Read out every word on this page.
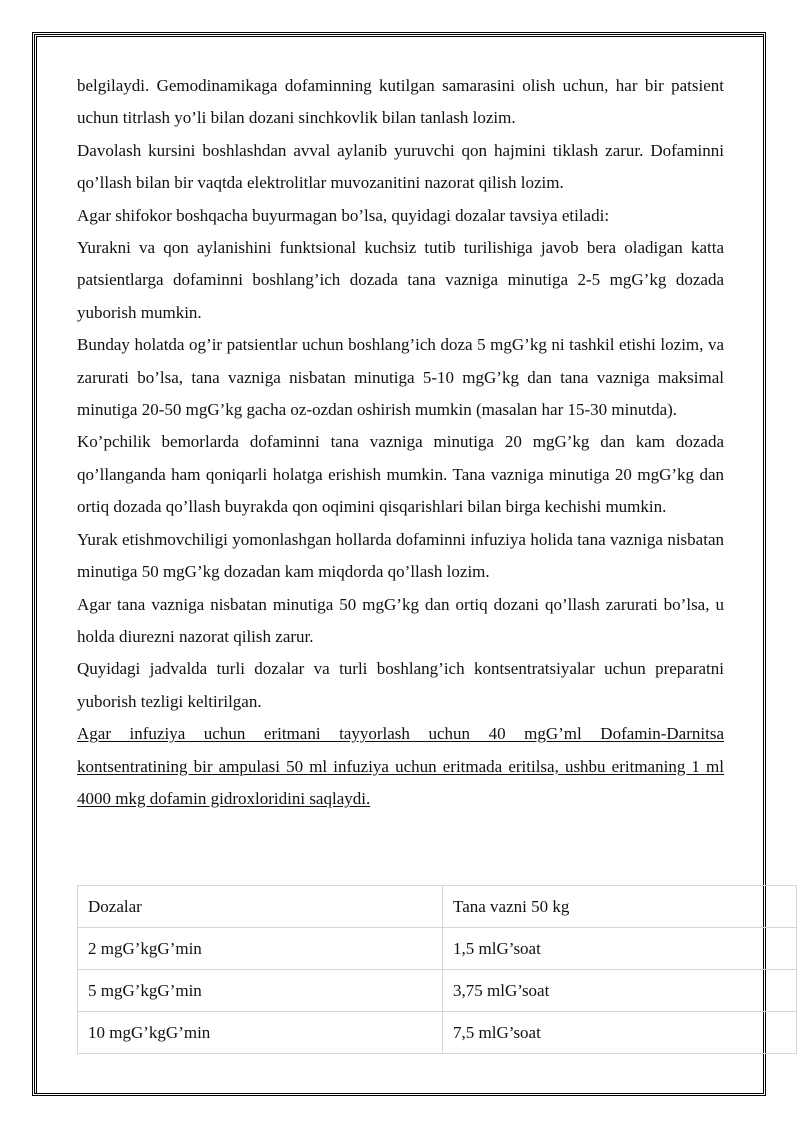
belgilaydi. Gemodinamikaga dofaminning kutilgan samarasini olish uchun, har bir patsient uchun titrlash yo’li bilan dozani sinchkovlik bilan tanlash lozim.

Davolash kursini boshlashdan avval aylanib yuruvchi qon hajmini tiklash zarur. Dofaminni qo’llash bilan bir vaqtda elektrolitlar muvozanitini nazorat qilish lozim.

Agar shifokor boshqacha buyurmagan bo’lsa, quyidagi dozalar tavsiya etiladi:

Yurakni va qon aylanishini funktsional kuchsiz tutib turilishiga javob bera oladigan katta patsientlarga dofaminni boshlang’ich dozada tana vazniga minutiga 2-5 mgG’kg dozada yuborish mumkin.

Bunday holatda og’ir patsientlar uchun boshlang’ich doza 5 mgG’kg ni tashkil etishi lozim, va zarurati bo’lsa, tana vazniga nisbatan minutiga 5-10 mgG’kg dan tana vazniga maksimal minutiga 20-50 mgG’kg gacha oz-ozdan oshirish mumkin (masalan har 15-30 minutda).

Ko’pchilik bemorlarda dofaminni tana vazniga minutiga 20 mgG’kg dan kam dozada qo’llanganda ham qoniqarli holatga erishish mumkin. Tana vazniga minutiga 20 mgG’kg dan ortiq dozada qo’llash buyrakda qon oqimini qisqarishlari bilan birga kechishi mumkin.

Yurak etishmovchiligi yomonlashgan hollarda dofaminni infuziya holida tana vazniga nisbatan minutiga 50 mgG’kg dozadan kam miqdorda qo’llash lozim.

Agar tana vazniga nisbatan minutiga 50 mgG’kg dan ortiq dozani qo’llash zarurati bo’lsa, u holda diurezni nazorat qilish zarur.

Quyidagi jadvalda turli dozalar va turli boshlang’ich kontsentratsiyalar uchun preparatni yuborish tezligi keltirilgan.

Agar infuziya uchun eritmani tayyorlash uchun 40 mgG’ml Dofamin-Darnitsa kontsentratining bir ampulasi 50 ml infuziya uchun eritmada eritilsa, ushbu eritmaning 1 ml 4000 mkg dofamin gidroxloridini saqlaydi.

Dozalar	Tana vazni 50 kg
2 mgG’kgG’min	1,5 mlG’soat
5 mgG’kgG’min	3,75 mlG’soat
10 mgG’kgG’min	7,5 mlG’soat
